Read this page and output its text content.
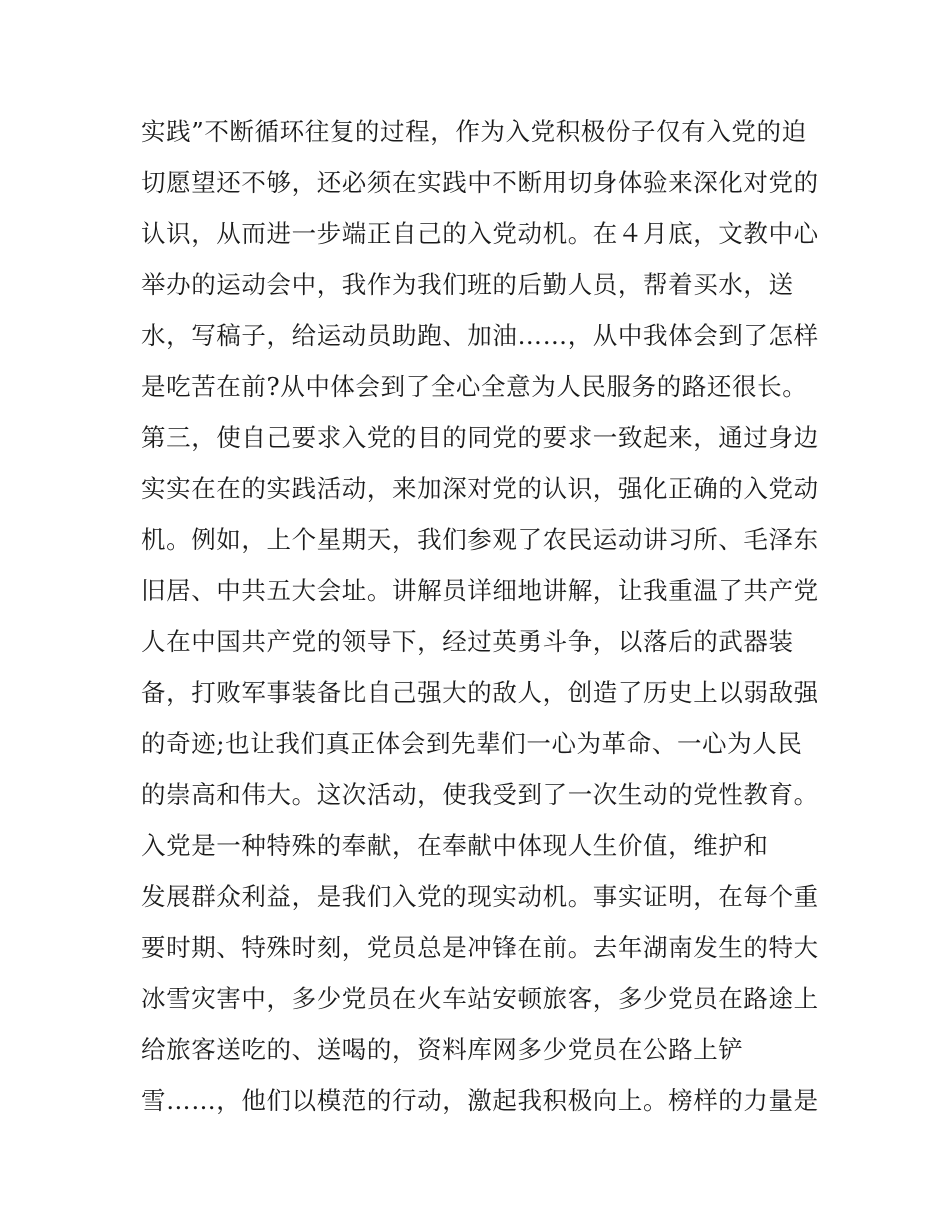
实践”不断循环往复的过程，作为入党积极份子仅有入党的迫
切愿望还不够，还必须在实践中不断用切身体验来深化对党的
认识，从而进一步端正自己的入党动机。在４月底，文教中心
举办的运动会中，我作为我们班的后勤人员，帮着买水，送
水，写稿子，给运动员助跑、加油……，从中我体会到了怎样
是吃苦在前?从中体会到了全心全意为人民服务的路还很长。
第三，使自己要求入党的目的同党的要求一致起来，通过身边
实实在在的实践活动，来加深对党的认识，强化正确的入党动
机。例如，上个星期天，我们参观了农民运动讲习所、毛泽东
旧居、中共五大会址。讲解员详细地讲解，让我重温了共产党
人在中国共产党的领导下，经过英勇斗争，以落后的武器装
备，打败军事装备比自己强大的敌人，创造了历史上以弱敌强
的奇迹;也让我们真正体会到先辈们一心为革命、一心为人民
的崇高和伟大。这次活动，使我受到了一次生动的党性教育。
入党是一种特殊的奉献，在奉献中体现人生价值，维护和
发展群众利益，是我们入党的现实动机。事实证明，在每个重
要时期、特殊时刻，党员总是冲锋在前。去年湖南发生的特大
冰雪灾害中，多少党员在火车站安顿旅客，多少党员在路途上
给旅客送吃的、送喝的，资料库网多少党员在公路上铲
雪……，他们以模范的行动，激起我积极向上。榜样的力量是
